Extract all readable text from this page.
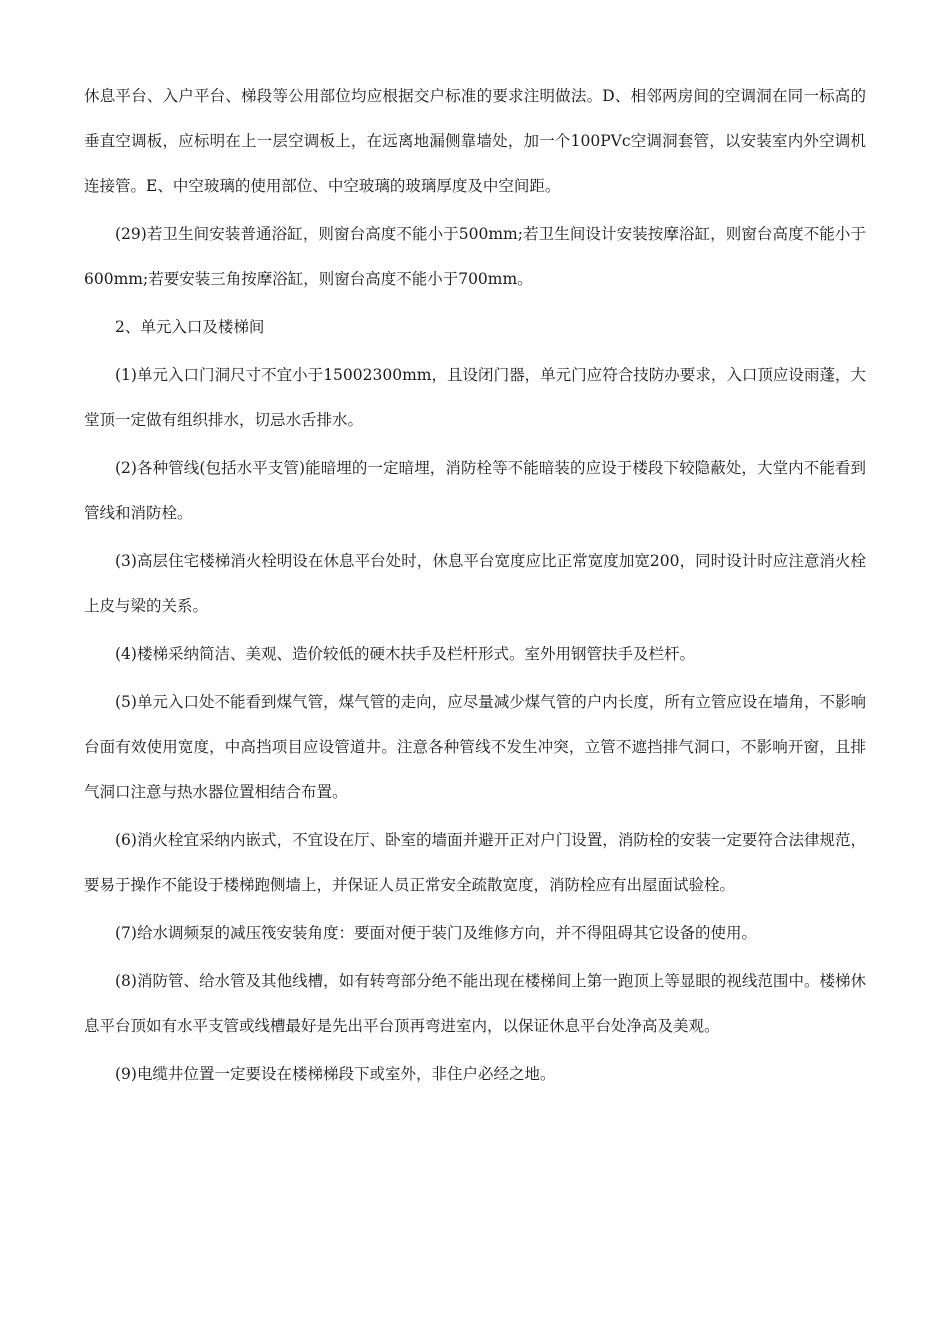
休息平台、入户平台、梯段等公用部位均应根据交户标准的要求注明做法。D、相邻两房间的空调洞在同一标高的垂直空调板，应标明在上一层空调板上，在远离地漏侧靠墙处，加一个100PVc空调洞套管，以安装室内外空调机连接管。E、中空玻璃的使用部位、中空玻璃的玻璃厚度及中空间距。

(29)若卫生间安装普通浴缸，则窗台高度不能小于500mm;若卫生间设计安装按摩浴缸，则窗台高度不能小于600mm;若要安装三角按摩浴缸，则窗台高度不能小于700mm。

2、单元入口及楼梯间

(1)单元入口门洞尺寸不宜小于15002300mm，且设闭门器，单元门应符合技防办要求，入口顶应设雨蓬，大堂顶一定做有组织排水，切忌水舌排水。

(2)各种管线(包括水平支管)能暗埋的一定暗埋，消防栓等不能暗装的应设于楼段下较隐蔽处，大堂内不能看到管线和消防栓。

(3)高层住宅楼梯消火栓明设在休息平台处时，休息平台宽度应比正常宽度加宽200，同时设计时应注意消火栓上皮与梁的关系。

(4)楼梯采纳简洁、美观、造价较低的硬木扶手及栏杆形式。室外用钢管扶手及栏杆。

(5)单元入口处不能看到煤气管，煤气管的走向，应尽量减少煤气管的户内长度，所有立管应设在墙角，不影响台面有效使用宽度，中高挡项目应设管道井。注意各种管线不发生冲突，立管不遮挡排气洞口，不影响开窗，且排气洞口注意与热水器位置相结合布置。

(6)消火栓宜采纳内嵌式，不宜设在厅、卧室的墙面并避开正对户门设置，消防栓的安装一定要符合法律规范，要易于操作不能设于楼梯跑侧墙上，并保证人员正常安全疏散宽度，消防栓应有出屋面试验栓。

(7)给水调频泵的减压筏安装角度：要面对便于装门及维修方向，并不得阻碍其它设备的使用。

(8)消防管、给水管及其他线槽，如有转弯部分绝不能出现在楼梯间上第一跑顶上等显眼的视线范围中。楼梯休息平台顶如有水平支管或线槽最好是先出平台顶再弯进室内，以保证休息平台处净高及美观。

(9)电缆井位置一定要设在楼梯梯段下或室外，非住户必经之地。
